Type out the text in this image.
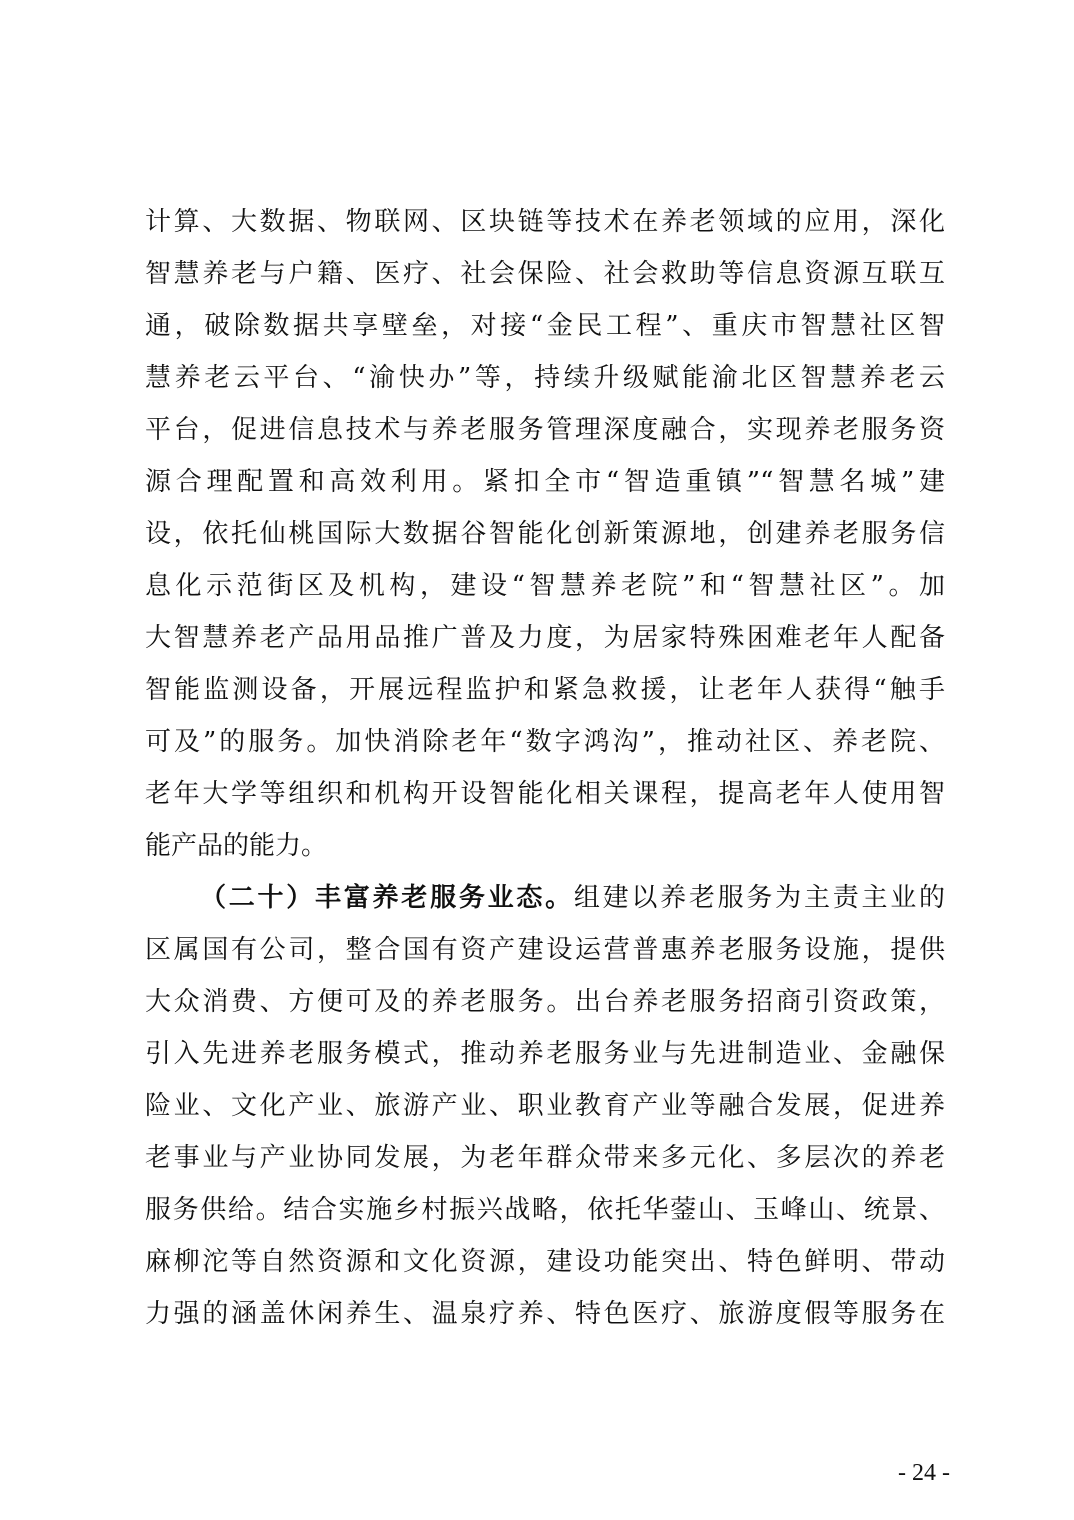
计算、大数据、物联网、区块链等技术在养老领域的应用，深化
智慧养老与户籍、医疗、社会保险、社会救助等信息资源互联互
通，破除数据共享壁垒，对接“金民工程”、重庆市智慧社区智
慧养老云平台、“渝快办”等，持续升级赋能渝北区智慧养老云
平台，促进信息技术与养老服务管理深度融合，实现养老服务资
源合理配置和高效利用。紧扣全市“智造重镇”“智慧名城”建
设，依托仙桃国际大数据谷智能化创新策源地，创建养老服务信
息化示范街区及机构，建设“智慧养老院”和“智慧社区”。加
大智慧养老产品用品推广普及力度，为居家特殊困难老年人配备
智能监测设备，开展远程监护和紧急救援，让老年人获得“触手
可及”的服务。加快消除老年“数字鸿沟”，推动社区、养老院、
老年大学等组织和机构开设智能化相关课程，提高老年人使用智
能产品的能力。
（二十）丰富养老服务业态。组建以养老服务为主责主业的
区属国有公司，整合国有资产建设运营普惠养老服务设施，提供
大众消费、方便可及的养老服务。出台养老服务招商引资政策，
引入先进养老服务模式，推动养老服务业与先进制造业、金融保
险业、文化产业、旅游产业、职业教育产业等融合发展，促进养
老事业与产业协同发展，为老年群众带来多元化、多层次的养老
服务供给。结合实施乡村振兴战略，依托华蓥山、玉峰山、统景、
麻柳沱等自然资源和文化资源，建设功能突出、特色鲜明、带动
力强的涵盖休闲养生、温泉疗养、特色医疗、旅游度假等服务在
- 24 -
